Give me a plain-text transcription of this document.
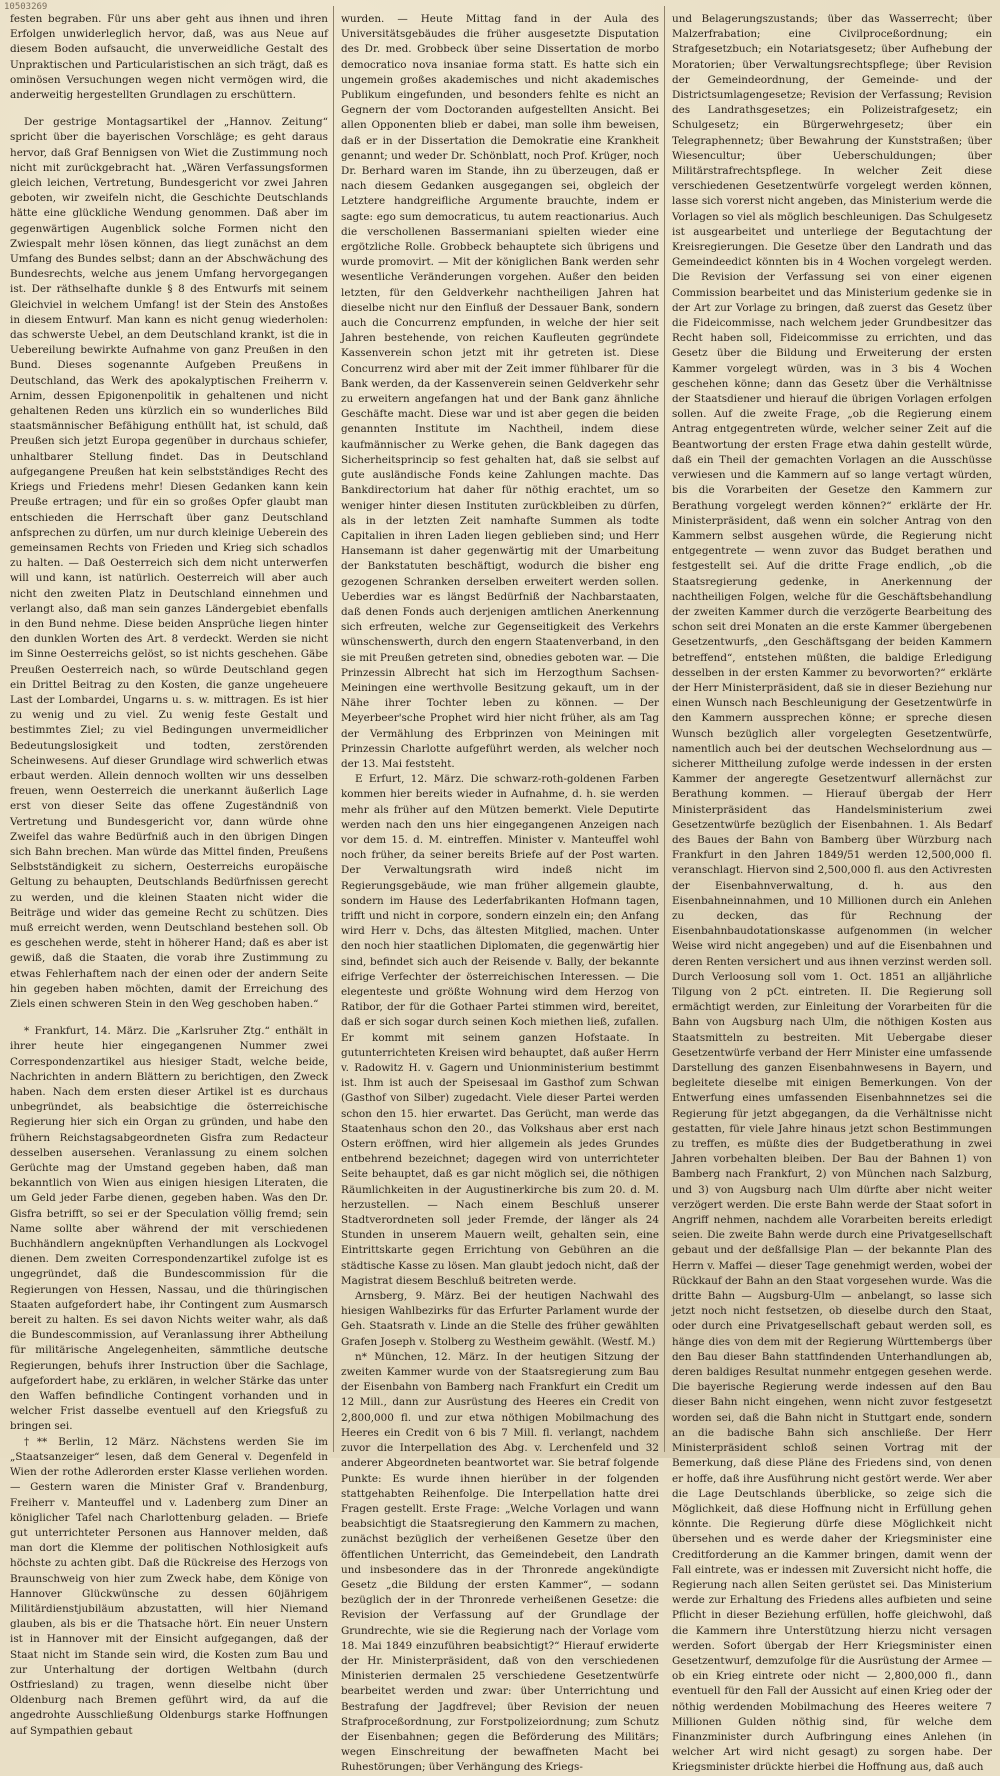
10503269

festen begraben. Für uns aber geht aus ihnen und ihren Erfolgen unwiderleglich hervor, daß, was aus Neue auf diesem Boden aufsaucht, die unverweidliche Gestalt des Unpraktischen und Particularistischen an sich trägt, daß es ominösen Versuchungen wegen nicht vermögen wird, die anderweitig hergestellten Grundlagen zu erschüttern.

Der gestrige Montagsartikel der „Hannov. Zeitung“ spricht über die bayerischen Vorschläge; es geht daraus hervor, daß Graf Bennigsen von Wiet die Zustimmung noch nicht mit zurückgebracht hat. „Wären Verfassungsformen gleich leichen, Vertretung, Bundesgericht vor zwei Jahren geboten, wir zweifeln nicht, die Geschichte Deutschlands hätte eine glückliche Wendung genommen. Daß aber im gegenwärtigen Augenblick solche Formen nicht den Zwiespalt mehr lösen können, das liegt zunächst an dem Umfang des Bundes selbst; dann an der Abschwächung des Bundesrechts, welche aus jenem Umfang hervorgegangen ist. Der räthselhafte dunkle § 8 des Entwurfs mit seinem Gleichviel in welchem Umfang! ist der Stein des Anstoßes in diesem Entwurf. Man kann es nicht genug wiederholen: das schwerste Uebel, an dem Deutschland krankt, ist die in Uebereilung bewirkte Aufnahme von ganz Preußen in den Bund. Dieses sogenannte Aufgeben Preußens in Deutschland, das Werk des apokalyptischen Freiherrn v. Arnim, dessen Epigonenpolitik in gehaltenen und nicht gehaltenen Reden uns kürzlich ein so wunderliches Bild staatsmännischer Befähigung enthüllt hat, ist schuld, daß Preußen sich jetzt Europa gegenüber in durchaus schiefer, unhaltbarer Stellung findet. Das in Deutschland aufgegangene Preußen hat kein selbstständiges Recht des Kriegs und Friedens mehr! Diesen Gedanken kann kein Preuße ertragen; und für ein so großes Opfer glaubt man entschieden die Herrschaft über ganz Deutschland anfsprechen zu dürfen, um nur durch kleinige Ueberein des gemeinsamen Rechts von Frieden und Krieg sich schadlos zu halten. — Daß Oesterreich sich dem nicht unterwerfen will und kann, ist natürlich. Oesterreich will aber auch nicht den zweiten Platz in Deutschland einnehmen und verlangt also, daß man sein ganzes Ländergebiet ebenfalls in den Bund nehme. Diese beiden Ansprüche liegen hinter den dunklen Worten des Art. 8 verdeckt. Werden sie nicht im Sinne Oesterreichs gelöst, so ist nichts geschehen. Gäbe Preußen Oesterreich nach, so würde Deutschland gegen ein Drittel Beitrag zu den Kosten, die ganze ungeheuere Last der Lombardei, Ungarns u. s. w. mittragen. Es ist hier zu wenig und zu viel. Zu wenig feste Gestalt und bestimmtes Ziel; zu viel Bedingungen unvermeidlicher Bedeutungslosigkeit und todten, zerstörenden Scheinwesens. Auf dieser Grundlage wird schwerlich etwas erbaut werden. Allein dennoch wollten wir uns desselben freuen, wenn Oesterreich die unerkannt äußerlich Lage erst von dieser Seite das offene Zugeständniß von Vertretung und Bundesgericht vor, dann würde ohne Zweifel das wahre Bedürfniß auch in den übrigen Dingen sich Bahn brechen. Man würde das Mittel finden, Preußens Selbstständigkeit zu sichern, Oesterreichs europäische Geltung zu behaupten, Deutschlands Bedürfnissen gerecht zu werden, und die kleinen Staaten nicht wider die Beiträge und wider das gemeine Recht zu schützen. Dies muß erreicht werden, wenn Deutschland bestehen soll. Ob es geschehen werde, steht in höherer Hand; daß es aber ist gewiß, daß die Staaten, die vorab ihre Zustimmung zu etwas Fehlerhaftem nach der einen oder der andern Seite hin gegeben haben möchten, damit der Erreichung des Ziels einen schweren Stein in den Weg geschoben haben.“

* Frankfurt, 14. März. Die „Karlsruher Ztg.“ enthält in ihrer heute hier eingegangenen Nummer zwei Correspondenzartikel aus hiesiger Stadt, welche beide, Nachrichten in andern Blättern zu berichtigen, den Zweck haben. Nach dem ersten dieser Artikel ist es durchaus unbegründet, als beabsichtige die österreichische Regierung hier sich ein Organ zu gründen, und habe den frühern Reichstagsabgeordneten Gisfra zum Redacteur desselben ausersehen. Veranlassung zu einem solchen Gerüchte mag der Umstand gegeben haben, daß man bekanntlich von Wien aus einigen hiesigen Literaten, die um Geld jeder Farbe dienen, gegeben haben. Was den Dr. Gisfra betrifft, so sei er der Speculation völlig fremd; sein Name sollte aber während der mit verschiedenen Buchhändlern angeknüpften Verhandlungen als Lockvogel dienen. Dem zweiten Correspondenzartikel zufolge ist es ungegründet, daß die Bundescommission für die Regierungen von Hessen, Nassau, und die thüringischen Staaten aufgefordert habe, ihr Contingent zum Ausmarsch bereit zu halten. Es sei davon Nichts weiter wahr, als daß die Bundescommission, auf Veranlassung ihrer Abtheilung für militärische Angelegenheiten, sämmtliche deutsche Regierungen, behufs ihrer Instruction über die Sachlage, aufgefordert habe, zu erklären, in welcher Stärke das unter den Waffen befindliche Contingent vorhanden und in welcher Frist dasselbe eventuell auf den Kriegsfuß zu bringen sei.

†** Berlin, 12 März. Nächstens werden Sie im „Staatsanzeiger“ lesen, daß dem General v. Degenfeld in Wien der rothe Adlerorden erster Klasse verliehen worden. — Gestern waren die Minister Graf v. Brandenburg, Freiherr v. Manteuffel und v. Ladenberg zum Diner an königlicher Tafel nach Charlottenburg geladen. — Briefe gut unterrichteter Personen aus Hannover melden, daß man dort die Klemme der politischen Nothlosigkeit aufs höchste zu achten gibt. Daß die Rückreise des Herzogs von Braunschweig von hier zum Zweck habe, dem Könige von Hannover Glückwünsche zu dessen 60jährigem Militärdienstjubiläum abzustatten, will hier Niemand glauben, als bis er die Thatsache hört. Ein neuer Unstern ist in Hannover mit der Einsicht aufgegangen, daß der Staat nicht im Stande sein wird, die Kosten zum Bau und zur Unterhaltung der dortigen Weltbahn (durch Ostfriesland) zu tragen, wenn dieselbe nicht über Oldenburg nach Bremen geführt wird, da auf die angedrohte Ausschließung Oldenburgs starke Hoffnungen auf Sympathien gebaut

wurden. — Heute Mittag fand in der Aula des Universitätsgebäudes die früher ausgesetzte Disputation des Dr. med. Grobbeck über seine Dissertation de morbo democratico nova insaniae forma statt. Es hatte sich ein ungemein großes akademisches und nicht akademisches Publikum eingefunden, und besonders fehlte es nicht an Gegnern der vom Doctoranden aufgestellten Ansicht. Bei allen Opponenten blieb er dabei, man solle ihm beweisen, daß er in der Dissertation die Demokratie eine Krankheit genannt; und weder Dr. Schönblatt, noch Prof. Krüger, noch Dr. Berhard waren im Stande, ihn zu überzeugen, daß er nach diesem Gedanken ausgegangen sei, obgleich der Letztere handgreifliche Argumente brauchte, indem er sagte: ego sum democraticus, tu autem reactionarius. Auch die verschollenen Bassermaniani spielten wieder eine ergötzliche Rolle. Grobbeck behauptete sich übrigens und wurde promovirt. — Mit der königlichen Bank werden sehr wesentliche Veränderungen vorgehen. Außer den beiden letzten, für den Geldverkehr nachtheiligen Jahren hat dieselbe nicht nur den Einfluß der Dessauer Bank, sondern auch die Concurrenz empfunden, in welche der hier seit Jahren bestehende, von reichen Kaufleuten gegründete Kassenverein schon jetzt mit ihr getreten ist. Diese Concurrenz wird aber mit der Zeit immer fühlbarer für die Bank werden, da der Kassenverein seinen Geldverkehr sehr zu erweitern angefangen hat und der Bank ganz ähnliche Geschäfte macht. Diese war und ist aber gegen die beiden genannten Institute im Nachtheil, indem diese kaufmännischer zu Werke gehen, die Bank dagegen das Sicherheitsprincip so fest gehalten hat, daß sie selbst auf gute ausländische Fonds keine Zahlungen machte. Das Bankdirectorium hat daher für nöthig erachtet, um so weniger hinter diesen Instituten zurückbleiben zu dürfen, als in der letzten Zeit namhafte Summen als todte Capitalien in ihren Laden liegen geblieben sind; und Herr Hansemann ist daher gegenwärtig mit der Umarbeitung der Bankstatuten beschäftigt, wodurch die bisher eng gezogenen Schranken derselben erweitert werden sollen. Ueberdies war es längst Bedürfniß der Nachbarstaaten, daß denen Fonds auch derjenigen amtlichen Anerkennung sich erfreuten, welche zur Gegenseitigkeit des Verkehrs wünschenswerth, durch den engern Staatenverband, in den sie mit Preußen getreten sind, obnedies geboten war. — Die Prinzessin Albrecht hat sich im Herzogthum Sachsen-Meiningen eine werthvolle Besitzung gekauft, um in der Nähe ihrer Tochter leben zu können. — Der Meyerbeer'sche Prophet wird hier nicht früher, als am Tag der Vermählung des Erbprinzen von Meiningen mit Prinzessin Charlotte aufgeführt werden, als welcher noch der 13. Mai feststeht.

E Erfurt, 12. März. Die schwarz-roth-goldenen Farben kommen hier bereits wieder in Aufnahme, d. h. sie werden mehr als früher auf den Mützen bemerkt. Viele Deputirte werden nach den uns hier eingegangenen Anzeigen nach vor dem 15. d. M. eintreffen. Minister v. Manteuffel wohl noch früher, da seiner bereits Briefe auf der Post warten. Der Verwaltungsrath wird indeß nicht im Regierungsgebäude, wie man früher allgemein glaubte, sondern im Hause des Lederfabrikanten Hofmann tagen, trifft und nicht in corpore, sondern einzeln ein; den Anfang wird Herr v. Dchs, das ältesten Mitglied, machen. Unter den noch hier staatlichen Diplomaten, die gegenwärtig hier sind, befindet sich auch der Reisende v. Bally, der bekannte eifrige Verfechter der österreichischen Interessen. — Die elegenteste und größte Wohnung wird dem Herzog von Ratibor, der für die Gothaer Partei stimmen wird, bereitet, daß er sich sogar durch seinen Koch miethen ließ, zufallen. Er kommt mit seinem ganzen Hofstaate. In gutunterrichteten Kreisen wird behauptet, daß außer Herrn v. Radowitz H. v. Gagern und Unionministerium bestimmt ist. Ihm ist auch der Speisesaal im Gasthof zum Schwan (Gasthof von Silber) zugedacht. Viele dieser Partei werden schon den 15. hier erwartet. Das Gerücht, man werde das Staatenhaus schon den 20., das Volkshaus aber erst nach Ostern eröffnen, wird hier allgemein als jedes Grundes entbehrend bezeichnet; dagegen wird von unterrichteter Seite behauptet, daß es gar nicht möglich sei, die nöthigen Räumlichkeiten in der Augustinerkirche bis zum 20. d. M. herzustellen. — Nach einem Beschluß unserer Stadtverordneten soll jeder Fremde, der länger als 24 Stunden in unserem Mauern weilt, gehalten sein, eine Eintrittskarte gegen Errichtung von Gebühren an die städtische Kasse zu lösen. Man glaubt jedoch nicht, daß der Magistrat diesem Beschluß beitreten werde.

Arnsberg, 9. März. Bei der heutigen Nachwahl des hiesigen Wahlbezirks für das Erfurter Parlament wurde der Geh. Staatsrath v. Linde an die Stelle des früher gewählten Grafen Joseph v. Stolberg zu Westheim gewählt. (Westf. M.)

n* München, 12. März. In der heutigen Sitzung der zweiten Kammer wurde von der Staatsregierung zum Bau der Eisenbahn von Bamberg nach Frankfurt ein Credit um 12 Mill., dann zur Ausrüstung des Heeres ein Credit von 2,800,000 fl. und zur etwa nöthigen Mobilmachung des Heeres ein Credit von 6 bis 7 Mill. fl. verlangt, nachdem zuvor die Interpellation des Abg. v. Lerchenfeld und 32 anderer Abgeordneten beantwortet war. Sie betraf folgende Punkte: Es wurde ihnen hierüber in der folgenden stattgehabten Reihenfolge. Die Interpellation hatte drei Fragen gestellt. Erste Frage: „Welche Vorlagen und wann beabsichtigt die Staatsregierung den Kammern zu machen, zunächst bezüglich der verheißenen Gesetze über den öffentlichen Unterricht, das Gemeindebeit, den Landrath und insbesondere das in der Thronrede angekündigte Gesetz „die Bildung der ersten Kammer“, — sodann bezüglich der in der Thronrede verheißenen Gesetze: die Revision der Verfassung auf der Grundlage der Grundrechte, wie sie die Regierung nach der Vorlage vom 18. Mai 1849 einzuführen beabsichtigt?“ Hierauf erwiderte der Hr. Ministerpräsident, daß von den verschiedenen Ministerien dermalen 25 verschiedene Gesetzentwürfe bearbeitet werden und zwar: über Unterrichtung und Bestrafung der Jagdfrevel; über Revision der neuen Strafproceßordnung, zur Forstpolizeiordnung; zum Schutz der Eisenbahnen; gegen die Beförderung des Militärs; wegen Einschreitung der bewaffneten Macht bei Ruhestörungen; über Verhängung des Kriegs-

und Belagerungszustands; über das Wasserrecht; über Malzerfrabation; eine Civilproceßordnung; ein Strafgesetzbuch; ein Notariatsgesetz; über Aufhebung der Moratorien; über Verwaltungsrechtspflege; über Revision der Gemeindeordnung, der Gemeinde- und der Districtsumlagengesetze; Revision der Verfassung; Revision des Landrathsgesetzes; ein Polizeistrafgesetz; ein Schulgesetz; ein Bürgerwehrgesetz; über ein Telegraphennetz; über Bewahrung der Kunststraßen; über Wiesencultur; über Ueberschuldungen; über Militärstrafrechtspflege. In welcher Zeit diese verschiedenen Gesetzentwürfe vorgelegt werden können, lasse sich vorerst nicht angeben, das Ministerium werde die Vorlagen so viel als möglich beschleunigen. Das Schulgesetz ist ausgearbeitet und unterliege der Begutachtung der Kreisregierungen. Die Gesetze über den Landrath und das Gemeindeedict könnten bis in 4 Wochen vorgelegt werden. Die Revision der Verfassung sei von einer eigenen Commission bearbeitet und das Ministerium gedenke sie in der Art zur Vorlage zu bringen, daß zuerst das Gesetz über die Fideicommisse, nach welchem jeder Grundbesitzer das Recht haben soll, Fideicommisse zu errichten, und das Gesetz über die Bildung und Erweiterung der ersten Kammer vorgelegt würden, was in 3 bis 4 Wochen geschehen könne; dann das Gesetz über die Verhältnisse der Staatsdiener und hierauf die übrigen Vorlagen erfolgen sollen. Auf die zweite Frage, „ob die Regierung einem Antrag entgegentreten würde, welcher seiner Zeit auf die Beantwortung der ersten Frage etwa dahin gestellt würde, daß ein Theil der gemachten Vorlagen an die Ausschüsse verwiesen und die Kammern auf so lange vertagt würden, bis die Vorarbeiten der Gesetze den Kammern zur Berathung vorgelegt werden können?“ erklärte der Hr. Ministerpräsident, daß wenn ein solcher Antrag von den Kammern selbst ausgehen würde, die Regierung nicht entgegentrete — wenn zuvor das Budget berathen und festgestellt sei. Auf die dritte Frage endlich, „ob die Staatsregierung gedenke, in Anerkennung der nachtheiligen Folgen, welche für die Geschäftsbehandlung der zweiten Kammer durch die verzögerte Bearbeitung des schon seit drei Monaten an die erste Kammer übergebenen Gesetzentwurfs, „den Geschäftsgang der beiden Kammern betreffend“, entstehen müßten, die baldige Erledigung desselben in der ersten Kammer zu bevorworten?“ erklärte der Herr Ministerpräsident, daß sie in dieser Beziehung nur einen Wunsch nach Beschleunigung der Gesetzentwürfe in den Kammern aussprechen könne; er spreche diesen Wunsch bezüglich aller vorgelegten Gesetzentwürfe, namentlich auch bei der deutschen Wechselordnung aus — sicherer Mittheilung zufolge werde indessen in der ersten Kammer der angeregte Gesetzentwurf allernächst zur Berathung kommen. — Hierauf übergab der Herr Ministerpräsident das Handelsministerium zwei Gesetzentwürfe bezüglich der Eisenbahnen. 1. Als Bedarf des Baues der Bahn von Bamberg über Würzburg nach Frankfurt in den Jahren 1849/51 werden 12,500,000 fl. veranschlagt. Hiervon sind 2,500,000 fl. aus den Activresten der Eisenbahnverwaltung, d. h. aus den Eisenbahneinnahmen, und 10 Millionen durch ein Anlehen zu decken, das für Rechnung der Eisenbahnbaudotationskasse aufgenommen (in welcher Weise wird nicht angegeben) und auf die Eisenbahnen und deren Renten versichert und aus ihnen verzinst werden soll. Durch Verloosung soll vom 1. Oct. 1851 an alljährliche Tilgung von 2 pCt. eintreten. II. Die Regierung soll ermächtigt werden, zur Einleitung der Vorarbeiten für die Bahn von Augsburg nach Ulm, die nöthigen Kosten aus Staatsmitteln zu bestreiten. Mit Uebergabe dieser Gesetzentwürfe verband der Herr Minister eine umfassende Darstellung des ganzen Eisenbahnwesens in Bayern, und begleitete dieselbe mit einigen Bemerkungen. Von der Entwerfung eines umfassenden Eisenbahnnetzes sei die Regierung für jetzt abgegangen, da die Verhältnisse nicht gestatten, für viele Jahre hinaus jetzt schon Bestimmungen zu treffen, es müßte dies der Budgetberathung in zwei Jahren vorbehalten bleiben. Der Bau der Bahnen 1) von Bamberg nach Frankfurt, 2) von München nach Salzburg, und 3) von Augsburg nach Ulm dürfte aber nicht weiter verzögert werden. Die erste Bahn werde der Staat sofort in Angriff nehmen, nachdem alle Vorarbeiten bereits erledigt seien. Die zweite Bahn werde durch eine Privatgesellschaft gebaut und der deßfallsige Plan — der bekannte Plan des Herrn v. Maffei — dieser Tage genehmigt werden, wobei der Rückkauf der Bahn an den Staat vorgesehen wurde. Was die dritte Bahn — Augsburg-Ulm — anbelangt, so lasse sich jetzt noch nicht festsetzen, ob dieselbe durch den Staat, oder durch eine Privatgesellschaft gebaut werden soll, es hänge dies von dem mit der Regierung Württembergs über den Bau dieser Bahn stattfindenden Unterhandlungen ab, deren baldiges Resultat nunmehr entgegen gesehen werde. Die bayerische Regierung werde indessen auf den Bau dieser Bahn nicht eingehen, wenn nicht zuvor festgesetzt worden sei, daß die Bahn nicht in Stuttgart ende, sondern an die badische Bahn sich anschließe. Der Herr Ministerpräsident schloß seinen Vortrag mit der Bemerkung, daß diese Pläne des Friedens sind, von denen er hoffe, daß ihre Ausführung nicht gestört werde. Wer aber die Lage Deutschlands überblicke, so zeige sich die Möglichkeit, daß diese Hoffnung nicht in Erfüllung gehen könnte. Die Regierung dürfe diese Möglichkeit nicht übersehen und es werde daher der Kriegsminister eine Creditforderung an die Kammer bringen, damit wenn der Fall eintrete, was er indessen mit Zuversicht nicht hoffe, die Regierung nach allen Seiten gerüstet sei. Das Ministerium werde zur Erhaltung des Friedens alles aufbieten und seine Pflicht in dieser Beziehung erfüllen, hoffe gleichwohl, daß die Kammern ihre Unterstützung hierzu nicht versagen werden. Sofort übergab der Herr Kriegsminister einen Gesetzentwurf, demzufolge für die Ausrüstung der Armee — ob ein Krieg eintrete oder nicht — 2,800,000 fl., dann eventuell für den Fall der Aussicht auf einen Krieg oder der nöthig werdenden Mobilmachung des Heeres weitere 7 Millionen Gulden nöthig sind, für welche dem Finanzminister durch Aufbringung eines Anlehen (in welcher Art wird nicht gesagt) zu sorgen habe. Der Kriegsminister drückte hierbei die Hoffnung aus, daß auch
